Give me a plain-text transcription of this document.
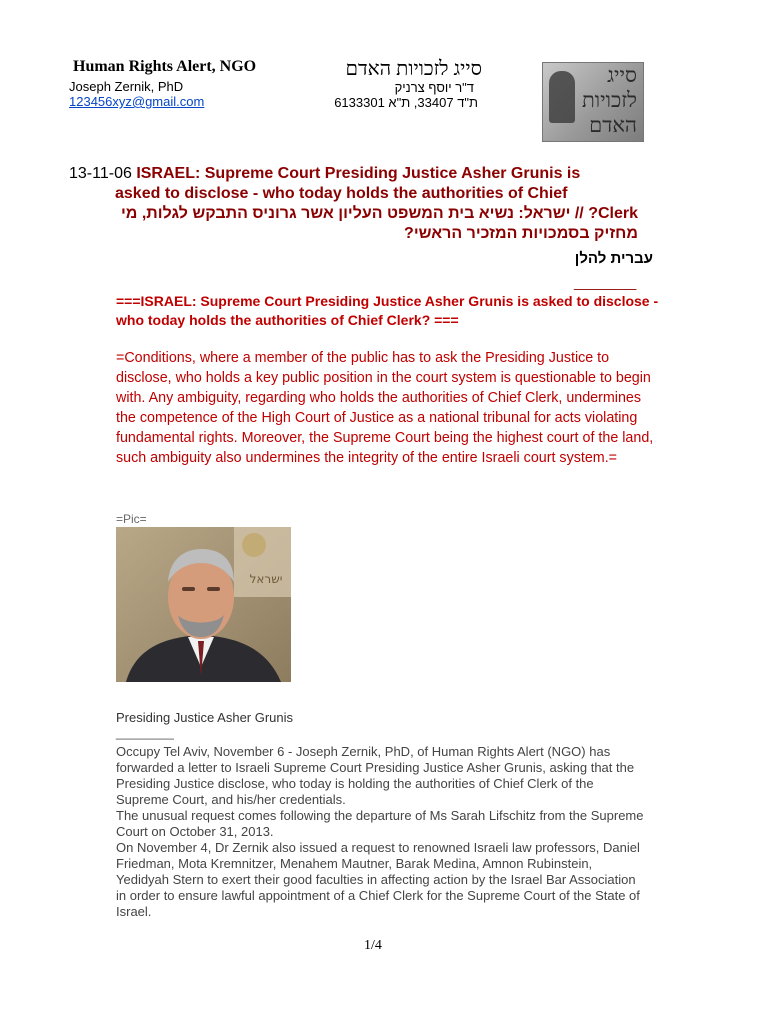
Human Rights Alert, NGO	סייג לזכויות האדם
Joseph Zernik, PhD	ד"ר יוסף צרניק
123456xyz@gmail.com	ת"ד 33407, ת"א 6133301
סייג
לזכויות
האדם
13-11-06 ISRAEL: Supreme Court Presiding Justice Asher Grunis is
asked to disclose - who today holds the authorities of Chief
Clerk? // ישראל: נשיא בית המשפט העליון אשר גרוניס התבקש לגלות, מי מחזיק בסמכויות המזכיר הראשי?
עברית להלן
________
===ISRAEL: Supreme Court Presiding Justice Asher Grunis is asked to disclose - who today holds the authorities of Chief Clerk? ===
=Conditions, where a member of the public has to ask the Presiding Justice to disclose, who holds a key public position in the court system is questionable to begin with. Any ambiguity, regarding who holds the authorities of Chief Clerk, undermines the competence of the High Court of Justice as a national tribunal for acts violating fundamental rights. Moreover, the Supreme Court being the highest court of the land, such ambiguity also undermines the integrity of the entire Israeli court system.=
=Pic=
ישראל
Presiding Justice Asher Grunis
________
Occupy Tel Aviv, November 6 - Joseph Zernik, PhD, of Human Rights Alert (NGO) has forwarded a letter to Israeli Supreme Court Presiding Justice Asher Grunis, asking that the Presiding Justice disclose, who today is holding the authorities of Chief Clerk of the Supreme Court, and his/her credentials.
The unusual request comes following the departure of Ms Sarah Lifschitz from the Supreme Court on October 31, 2013.
On November 4, Dr Zernik also issued a request to renowned Israeli law professors, Daniel Friedman, Mota Kremnitzer, Menahem Mautner, Barak Medina, Amnon Rubinstein, Yedidyah Stern to exert their good faculties in affecting action by the Israel Bar Association in order to ensure lawful appointment of a Chief Clerk for the Supreme Court of the State of Israel.
1/4
